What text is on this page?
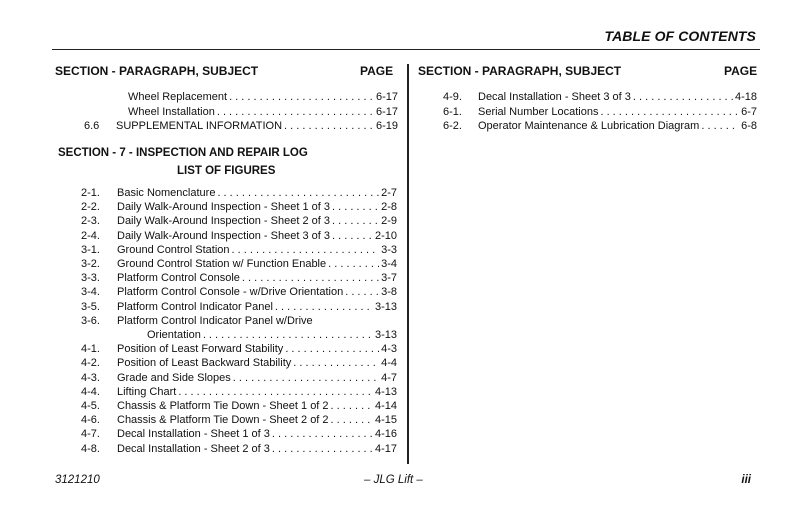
TABLE OF CONTENTS
SECTION - PARAGRAPH, SUBJECT	PAGE SECTION - PARAGRAPH, SUBJECT	PAGE
Wheel Replacement . . .	6-17
Wheel Installation . . .	6-17
6.6 SUPPLEMENTAL INFORMATION . . .	6-19
SECTION - 7 - INSPECTION AND REPAIR LOG
LIST OF FIGURES
2-1. Basic Nomenclature . . .	2-7
2-2. Daily Walk-Around Inspection - Sheet 1 of 3 . . .	2-8
2-3. Daily Walk-Around Inspection - Sheet 2 of 3 . . .	2-9
2-4. Daily Walk-Around Inspection - Sheet 3 of 3 . . .	2-10
3-1. Ground Control Station . . .	3-3
3-2. Ground Control Station w/ Function Enable . . .	3-4
3-3. Platform Control Console . . .	3-7
3-4. Platform Control Console - w/Drive Orientation . . .	3-8
3-5. Platform Control Indicator Panel . . .	3-13
3-6. Platform Control Indicator Panel w/Drive
Orientation . . .	3-13
4-1. Position of Least Forward Stability . . .	4-3
4-2. Position of Least Backward Stability . . .	4-4
4-3. Grade and Side Slopes . . .	4-7
4-4. Lifting Chart . . .	4-13
4-5. Chassis & Platform Tie Down - Sheet 1 of 2 . . .	4-14
4-6. Chassis & Platform Tie Down - Sheet 2 of 2 . . .	4-15
4-7. Decal Installation - Sheet 1 of 3 . . .	4-16
4-8. Decal Installation - Sheet 2 of 3 . . .	4-17
4-9. Decal Installation - Sheet 3 of 3 . . .	4-18
6-1. Serial Number Locations . . .	6-7
6-2. Operator Maintenance & Lubrication Diagram . . .	6-8
3121210	– JLG Lift –	iii
